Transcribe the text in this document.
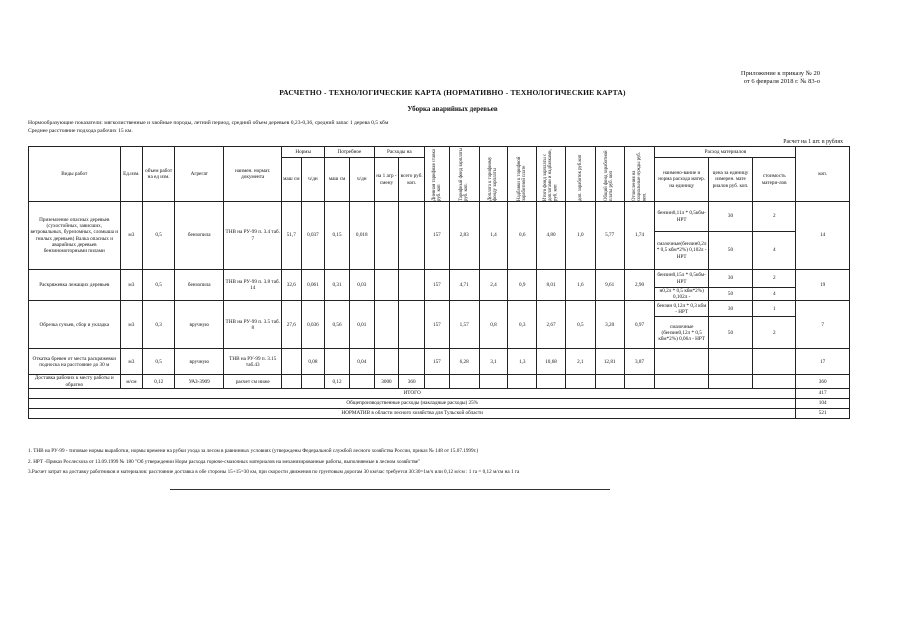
Приложение к приказу № 20
от 6 февраля 2018 г. № 83-о
РАСЧЕТНО - ТЕХНОЛОГИЧЕСКИЕ КАРТА (НОРМАТИВНО - ТЕХНОЛОГИЧЕСКИЕ КАРТА)
Уборка аварийных деревьев
Нормообразующие показатели: мягколиственные и хвойные породы, летний период, средний объем деревьев 0,23-0,36, средний запас 1 дерева 0,5 кбм
Среднее расстояние подхода рабочих 15 км.
Расчет на 1 шт. в рублях
Виды работ	Ед.изм.	объем работ на ед изм.	Агрегат	наимен. нормат. документа	Нормы		Потребное		Расходы на		Дневная тарифная ставка руб. коп	Тарифный фонд зарплаты руб. коп.	Доплата к тарифному фонду зарплаты	Надбавки к тарифной заработной плате	Итого фонд зарплаты с доплатами и надбавками, руб. коп	доп. заработок руб.коп	Общий фонд заработной платы руб. коп	Отчисления на социальные нужды руб. коп.	Расход материалов			коп.
					маш см	ч/дн	маш см	ч/дн	на 1 агр - смену	всего руб. коп.									наимено-вание и норма расхода матер. на единицу	цена за единицу измерен. мате риалов руб. коп.	стоимость матери-лов	

Приземление опасных деревьев (сухостойных, зависших, ветровальных, буреломных, сломыша и гнилых деревьев) Валка опасных и аварийных деревьев бензиномоторными пилами	м3	0,5	бензопила	ТНВ на РУ-99 п. 3.4 таб. 7	51,7	0,037	0,15	0,018			157	2,83	1,4	0,6	4,80	1,0	5,77	1,74	бензин0,11л * 0,5кбм-НРТ	30	2	14
																			смазочные(бензин0,2л * 0,5 кбм*2%) 0,102л - НРТ	50	4	
Раскряжевка лежащих деревьев	м3	0,5	бензопила	ТНВ на РУ-99 п. 3.8 таб. 14	32,6	0,061	0,31	0,03			157	4,71	2,4	0,9	8,01	1,6	9,61	2,90	бензин0,15л * 0,5кбм-НРТ	30	2	19
																			н0,2л * 0,5 кбм*2%) 0,102л -	50	4	
Обрезка сучьев, сбор и укладка	м3	0,3	вручную	ТНВ на РУ-99 п. 3.5 таб. 8	27,6	0,036	0,56	0,01			157	1,57	0,8	0,3	2,67	0,5	3,20	0,97	бензин 0,12л * 0,3 кбм - НРТ	30	1	7
																			смазочные (бензин0,12л * 0,5 кбм*2%) 0,06л - НРТ	50	2	
Откатка бревен от места раскряжевки подноска на расстояние до 30 м	м3	0,5	вручную	ТНВ на РУ-99 п. 3.15 таб.43		0,08		0,04			157	6,28	3,1	1,3	10,68	2,1	12,81	3,87				17
Доставка рабочих к месту работы и обратно	м/см	0,12	УАЗ-3909	расчет см ниже			0,12		3000	360												360
ИТОГО																						417
Общепроизводственные расходы (накладные расходы) 25%																						104
НОРМАТИВ в области лесного хозяйства для Тульской области																						521
1. ТНВ на РУ-99 - типовые нормы выработки, нормы времени на рубки ухода за лесом в равнинных условиях (утверждены Федеральной службой лесного хозяйства России, приказ № 148 от 15.07.1999г.)
2. НРТ -Приказ Рослесхоза от 13.09.1999 № 180 "Об утверждении Норм расхода горюче-смазочных материалов на механизированные работы, выполняемые в лесном хозяйстве"
3.Расчет затрат на доставку работников и материалов: расстояние доставка в обе стороны 15+15=30 км, при скорости движения по грунтовым дорогам 30 км/час требуется 30:30=1м/ч или 0,12 м/см : 1 га = 0,12 м/см на 1 га
